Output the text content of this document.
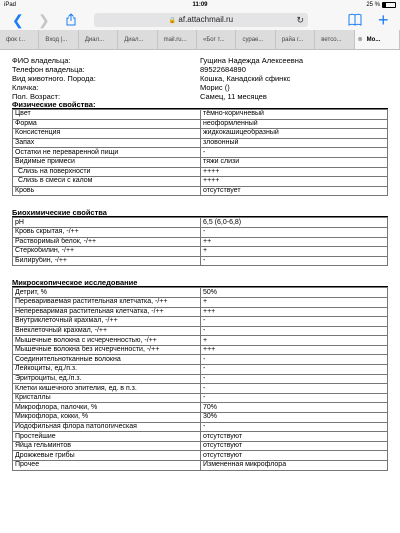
iPad	11:09	25 %
❮ ❯	🔒 af.attachmail.ru	↻	+
фок г...	Вход |...	Диал...	Диал...	mail.ru...	«Бог т...	сураe...	райа г...	ветсо...	⊗ Мо...
ФИО владельца:	Гущина Надежда Алексеевна
Телефон владельца:	89522684890
Вид животного. Порода:	Кошка, Канадский сфинкс
Кличка:	Морис ()
Пол. Возраст:	Самец, 11 месяцев
Физические свойства:
Цвет	тёмно-коричневый
Форма	неоформленный
Консистенция	жидкокашицеобразный
Запах	зловонный
Остатки не переваренной пищи	-
Видимые примеси	тяжи слизи
Слизь на поверхности	++++
Слизь в смеси с калом	++++
Кровь	отсутствует
Биохимические свойства
pH	6,5 (6,0-6,8)
Кровь скрытая, -/++	-
Растворимый белок, -/++	++
Стеркобилин, -/++	+
Билирубин, -/++	-
Микроскопическое исследование
Детрит, %	50%
Перевариваемая растительная клетчатка, -/++	+
Непереваримая растительная клетчатка, -/++	+++
Внутриклеточный крахмал, -/++	-
Внеклеточный крахмал, -/++	-
Мышечные волокна с исчерченностью, -/++	+
Мышечные волокна без исчерченности, -/++	+++
Соединительнотканные волокна	-
Лейкоциты, ед./п.з.	-
Эритроциты, ед./п.з.	-
Клетки кишечного эпителия, ед. в п.з.	-
Кристаллы	-
Микрофлора, палочки, %	70%
Микрофлора, кокки, %	30%
Йодофильная флора патологическая	-
Простейшие	отсутствуют
Яйца гельминтов	отсутствуют
Дрожжевые грибы	отсутствуют
Прочее	Измененная микрофлора
